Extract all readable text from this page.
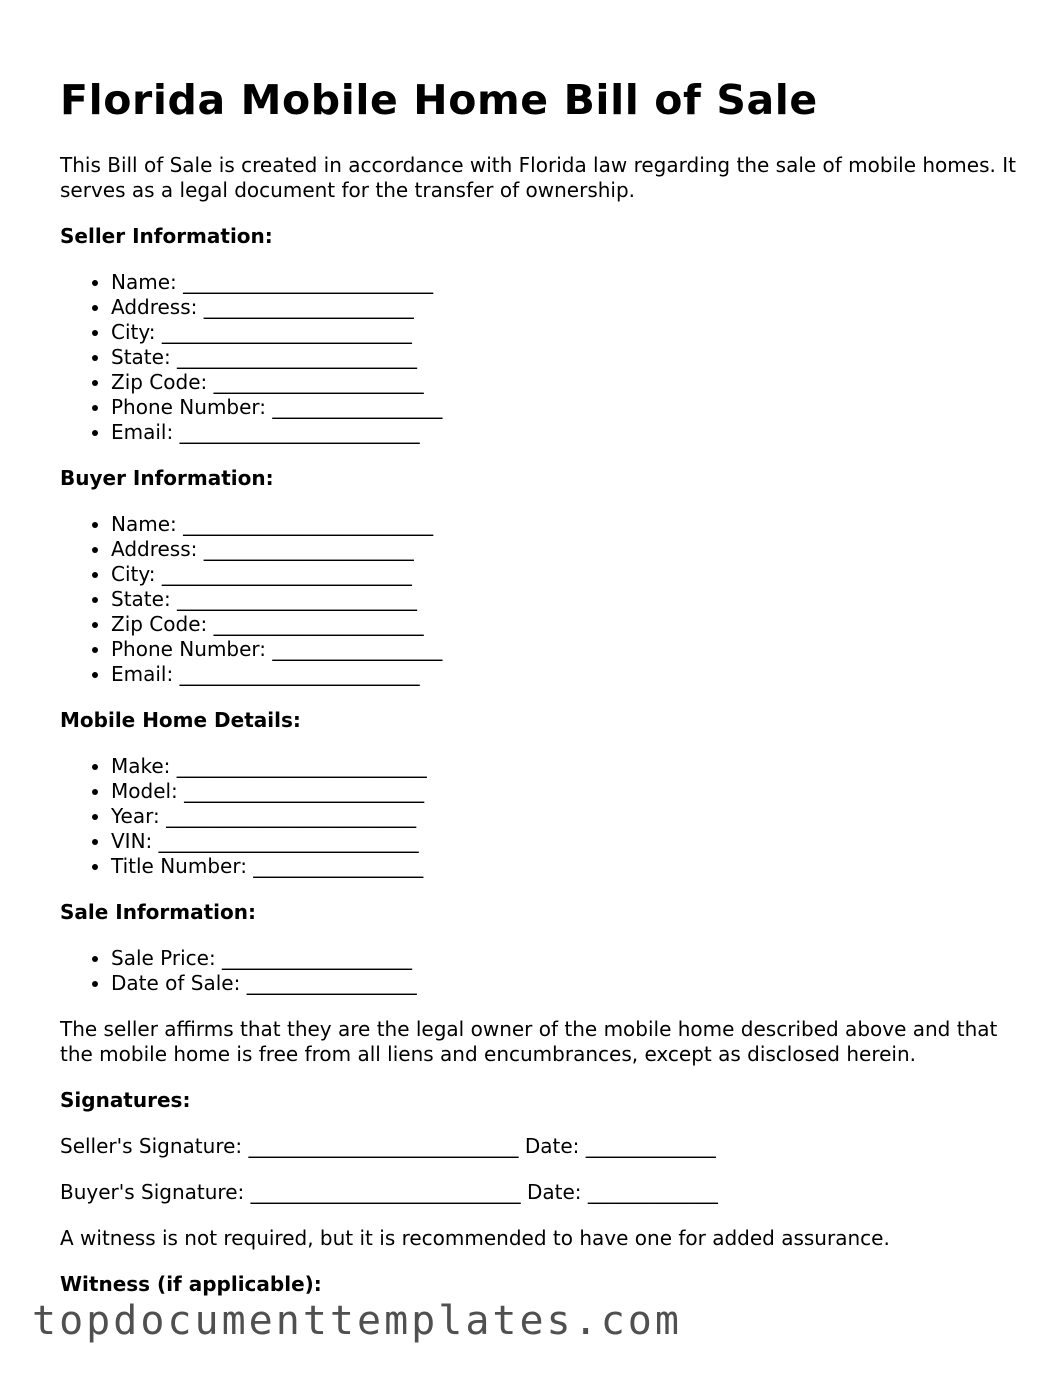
Florida Mobile Home Bill of Sale

This Bill of Sale is created in accordance with Florida law regarding the sale of mobile homes. It serves as a legal document for the transfer of ownership.

Seller Information:

• Name: _________________________
• Address: _____________________
• City: _________________________
• State: ________________________
• Zip Code: _____________________
• Phone Number: _________________
• Email: ________________________

Buyer Information:

• Name: _________________________
• Address: _____________________
• City: _________________________
• State: ________________________
• Zip Code: _____________________
• Phone Number: _________________
• Email: ________________________

Mobile Home Details:

• Make: _________________________
• Model: ________________________
• Year: _________________________
• VIN: __________________________
• Title Number: _________________

Sale Information:

• Sale Price: ___________________
• Date of Sale: _________________

The seller affirms that they are the legal owner of the mobile home described above and that the mobile home is free from all liens and encumbrances, except as disclosed herein.

Signatures:

Seller's Signature: ___________________________ Date: _____________

Buyer's Signature: ___________________________ Date: _____________

A witness is not required, but it is recommended to have one for added assurance.

Witness (if applicable):

topdocumenttemplates.com
